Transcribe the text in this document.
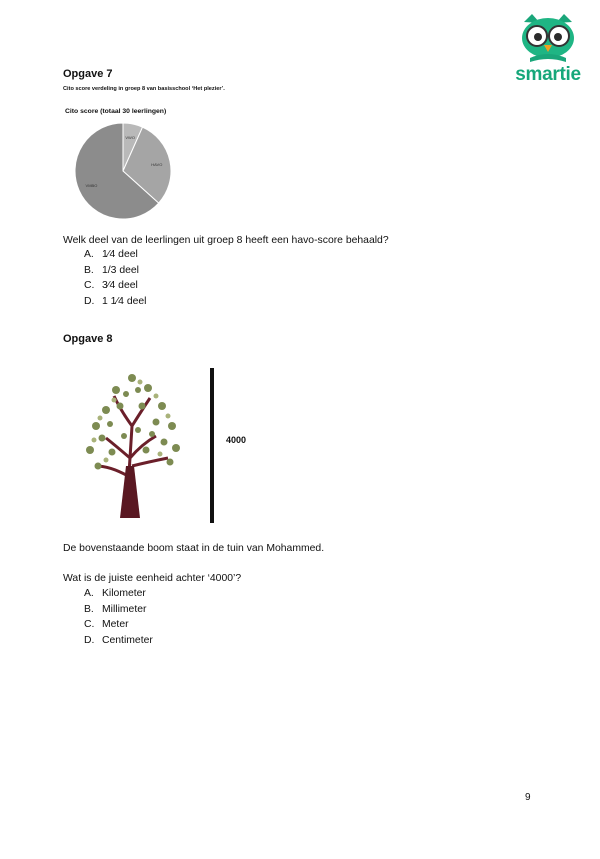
smartie
Opgave 7
Cito score verdeling in groep 8 van basisschool ‘Het plezier’.
Cito score (totaal 30 leerlingen)
VWO
HAVO
VMBO
Welk deel van de leerlingen uit groep 8 heeft een havo-score behaald?
A. 1⁄4 deel
B. 1/3 deel
C. 3⁄4 deel
D. 1 1⁄4 deel
Opgave 8
4000
De bovenstaande boom staat in de tuin van Mohammed.
Wat is de juiste eenheid achter ‘4000’?
A. Kilometer
B. Millimeter
C. Meter
D. Centimeter
9
